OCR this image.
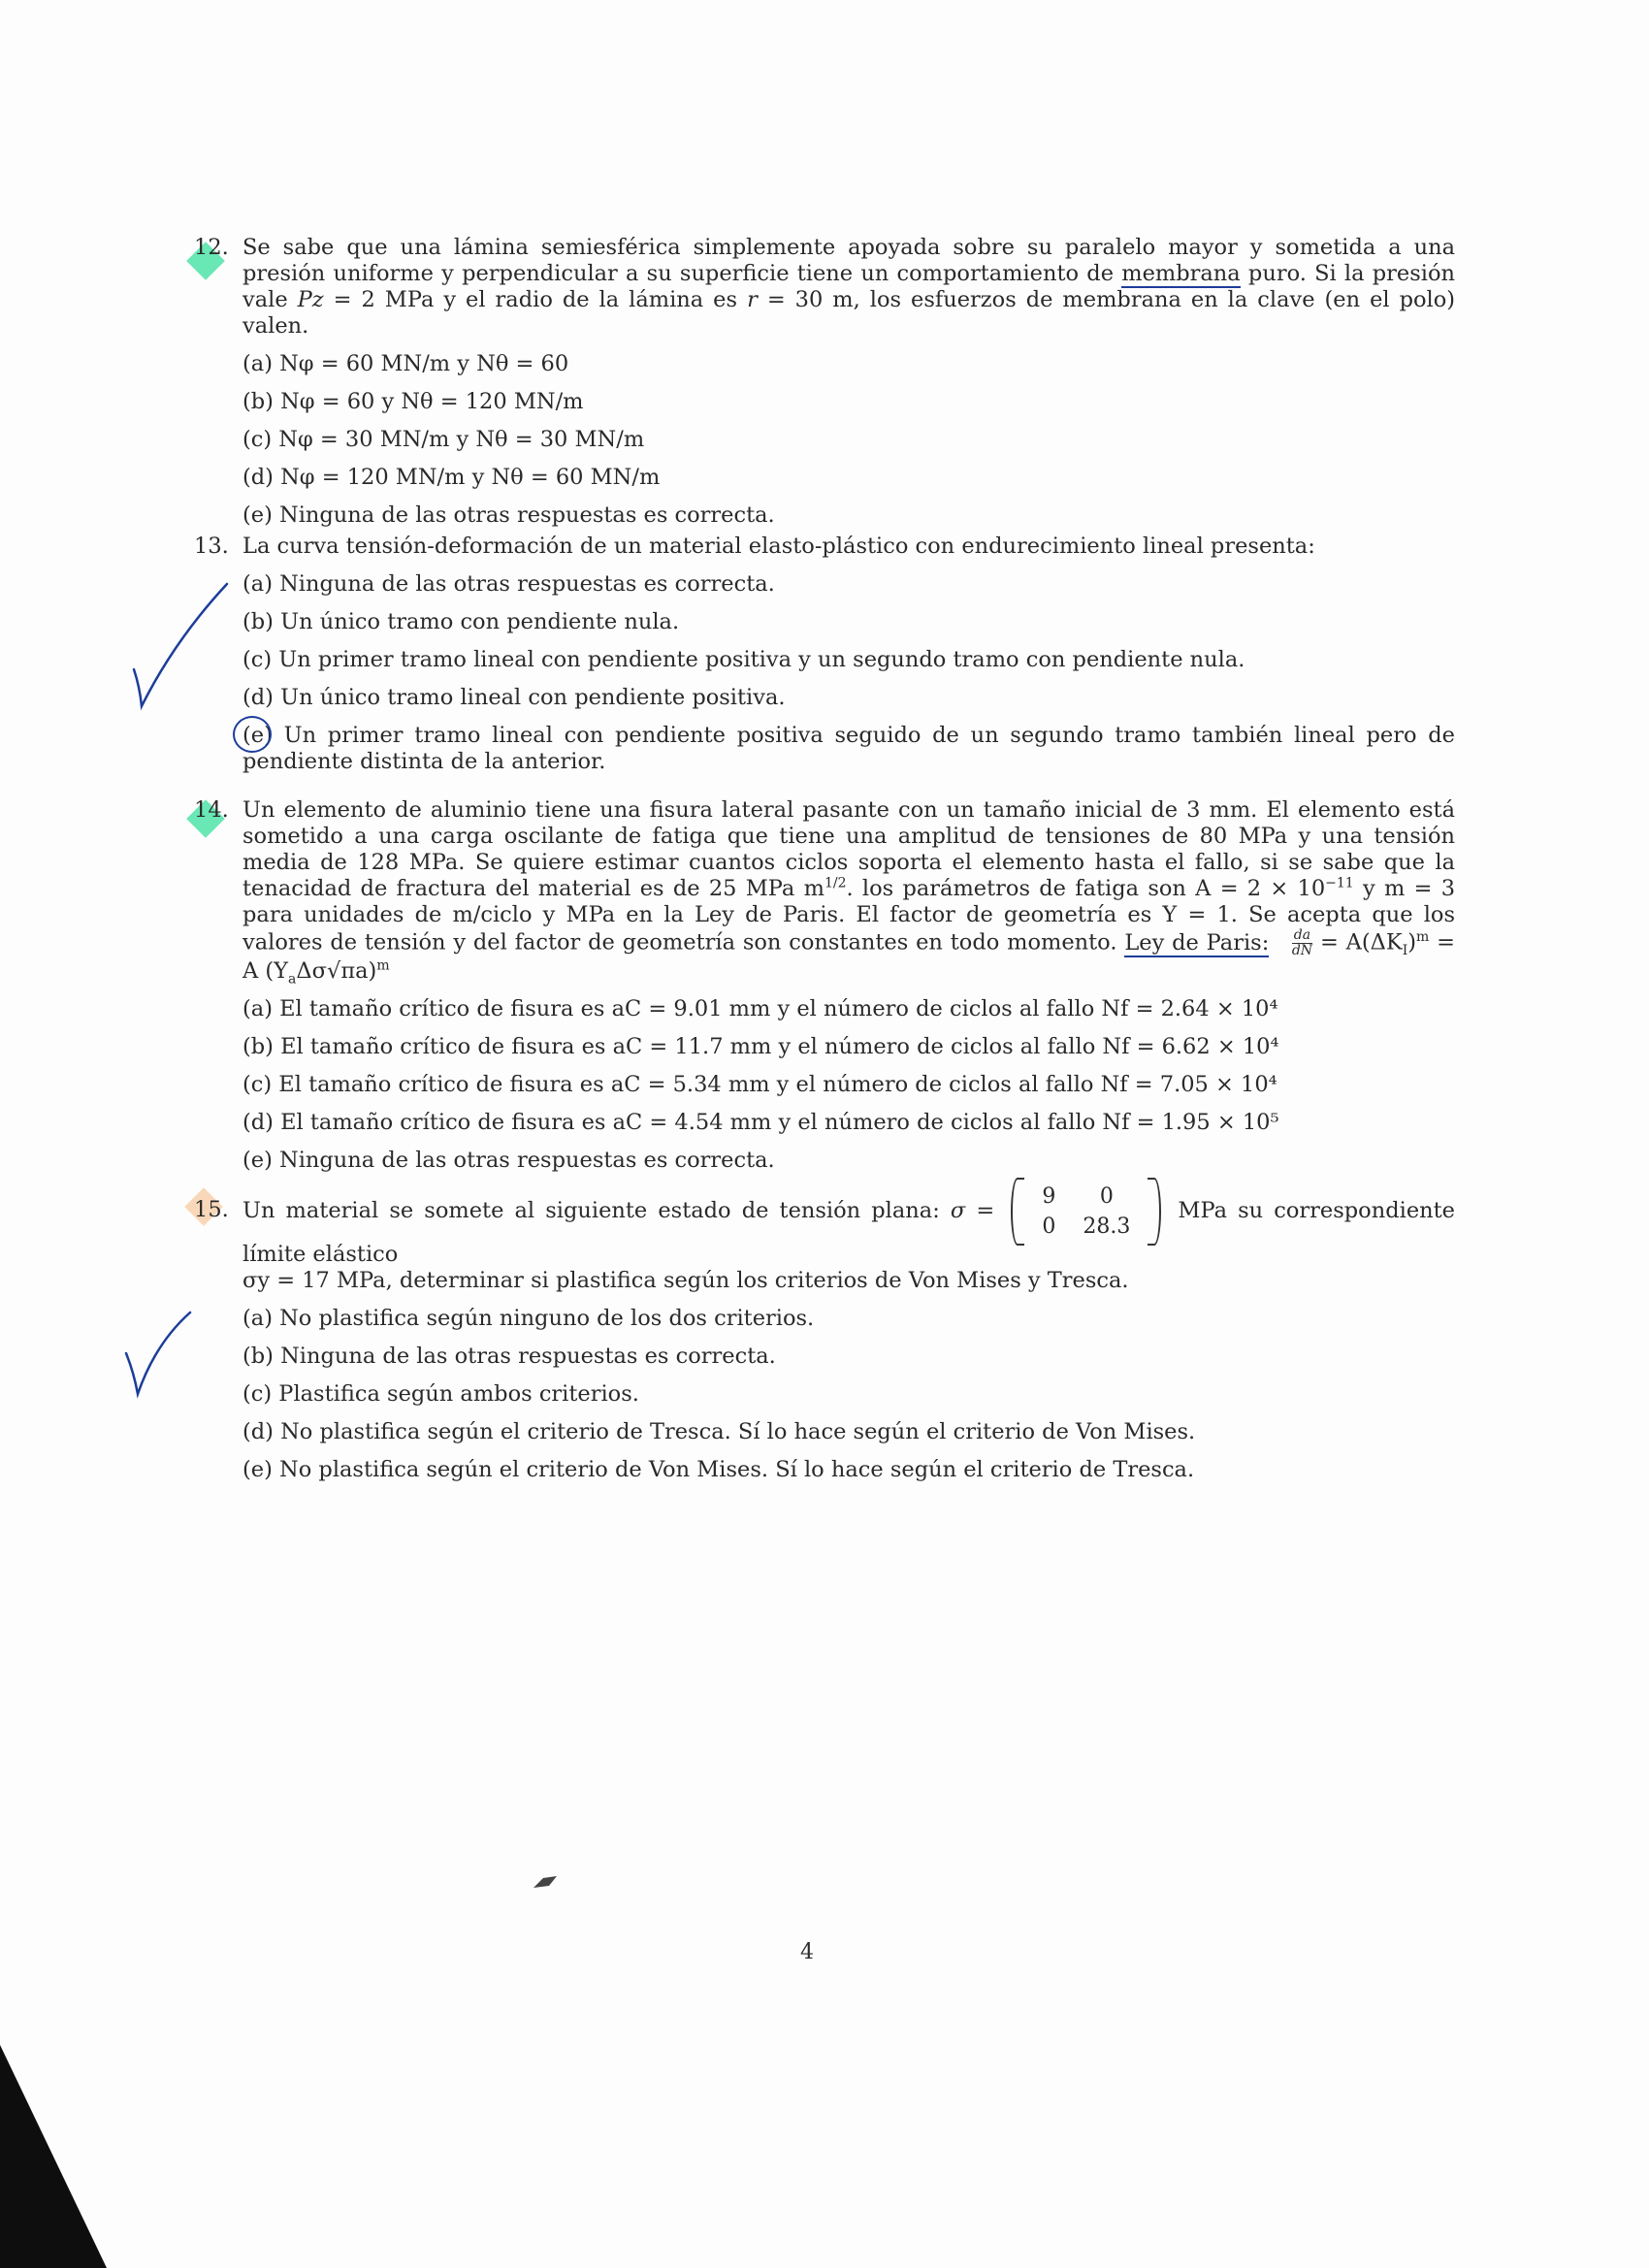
12. Se sabe que una lámina semiesférica simplemente apoyada sobre su paralelo mayor y sometida a una presión uniforme y perpendicular a su superficie tiene un comportamiento de membrana puro. Si la presión vale Pz = 2 MPa y el radio de la lámina es r = 30 m, los esfuerzos de membrana en la clave (en el polo) valen.
(a) Nφ = 60 MN/m y Nθ = 60
(b) Nφ = 60 y Nθ = 120 MN/m
(c) Nφ = 30 MN/m y Nθ = 30 MN/m
(d) Nφ = 120 MN/m y Nθ = 60 MN/m
(e) Ninguna de las otras respuestas es correcta.
13. La curva tensión-deformación de un material elasto-plástico con endurecimiento lineal presenta:
(a) Ninguna de las otras respuestas es correcta.
(b) Un único tramo con pendiente nula.
(c) Un primer tramo lineal con pendiente positiva y un segundo tramo con pendiente nula.
(d) Un único tramo lineal con pendiente positiva.
(e) Un primer tramo lineal con pendiente positiva seguido de un segundo tramo también lineal pero de pendiente distinta de la anterior.
14. Un elemento de aluminio tiene una fisura lateral pasante con un tamaño inicial de 3 mm. El elemento está sometido a una carga oscilante de fatiga que tiene una amplitud de tensiones de 80 MPa y una tensión media de 128 MPa. Se quiere estimar cuantos ciclos soporta el elemento hasta el fallo, si se sabe que la tenacidad de fractura del material es de 25 MPa $m^{1/2}$. los parámetros de fatiga son $A = 2 \times 10^{-11}$ y m = 3 para unidades de m/ciclo y MPa en la Ley de Paris. El factor de geometría es Y = 1. Se acepta que los valores de tensión y del factor de geometría son constantes en todo momento. Ley de Paris: $\frac{da}{dN} = A(\Delta K_I)^m = A$ $(Y_a\Delta\sigma√\pi a)^m$
(a) El tamaño crítico de fisura es aC = 9.01 mm y el número de ciclos al fallo Nf = 2.64 × 10⁴
(b) El tamaño crítico de fisura es aC = 11.7 mm y el número de ciclos al fallo Nf = 6.62 × 10⁴
(c) El tamaño crítico de fisura es aC = 5.34 mm y el número de ciclos al fallo Nf = 7.05 × 10⁴
(d) El tamaño crítico de fisura es aC = 4.54 mm y el número de ciclos al fallo Nf = 1.95 × 10⁵
(e) Ninguna de las otras respuestas es correcta.
15. Un material se somete al siguiente estado de tensión plana: σ =
9	0
0	28.3
MPa su correspondiente límite elástico
σy = 17 MPa, determinar si plastifica según los criterios de Von Mises y Tresca.
(a) No plastifica según ninguno de los dos criterios.
(b) Ninguna de las otras respuestas es correcta.
(c) Plastifica según ambos criterios.
(d) No plastifica según el criterio de Tresca. Sí lo hace según el criterio de Von Mises.
(e) No plastifica según el criterio de Von Mises. Sí lo hace según el criterio de Tresca.
4
